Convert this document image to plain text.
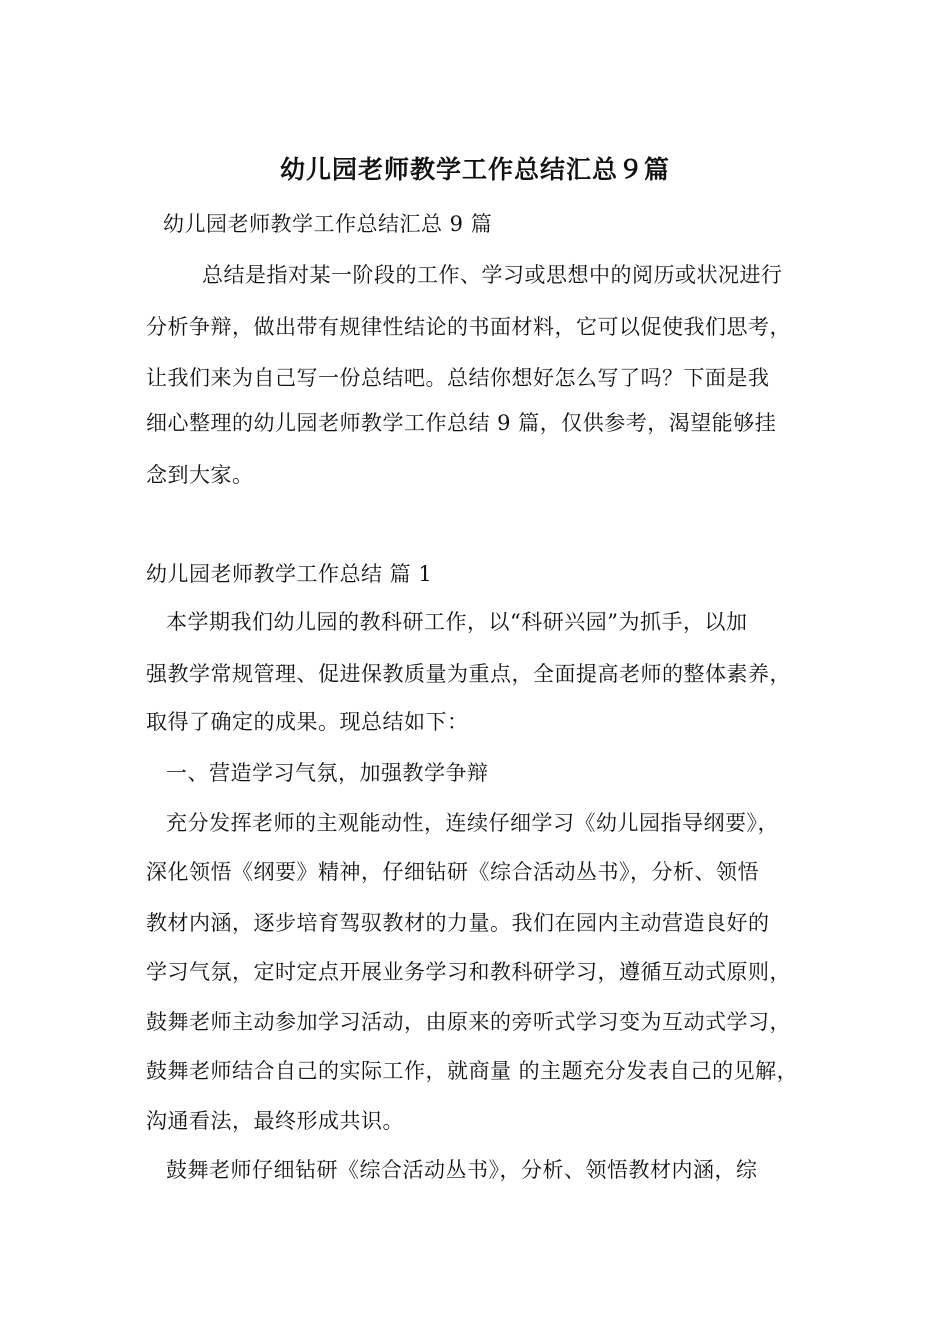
幼儿园老师教学工作总结汇总９篇
幼儿园老师教学工作总结汇总 9 篇
总结是指对某一阶段的工作、学习或思想中的阅历或状况进行
分析争辩，做出带有规律性结论的书面材料，它可以促使我们思考，
让我们来为自己写一份总结吧。总结你想好怎么写了吗？下面是我
细心整理的幼儿园老师教学工作总结 9 篇，仅供参考，渴望能够挂
念到大家。
幼儿园老师教学工作总结 篇 1
本学期我们幼儿园的教科研工作，以“科研兴园”为抓手，以加
强教学常规管理、促进保教质量为重点，全面提高老师的整体素养，
取得了确定的成果。现总结如下：
一、营造学习气氛，加强教学争辩
充分发挥老师的主观能动性，连续仔细学习《幼儿园指导纲要》，
深化领悟《纲要》精神，仔细钻研《综合活动丛书》，分析、领悟
教材内涵，逐步培育驾驭教材的力量。我们在园内主动营造良好的
学习气氛，定时定点开展业务学习和教科研学习，遵循互动式原则，
鼓舞老师主动参加学习活动，由原来的旁听式学习变为互动式学习，
鼓舞老师结合自己的实际工作，就商量 的主题充分发表自己的见解，
沟通看法，最终形成共识。
鼓舞老师仔细钻研《综合活动丛书》，分析、领悟教材内涵，综
